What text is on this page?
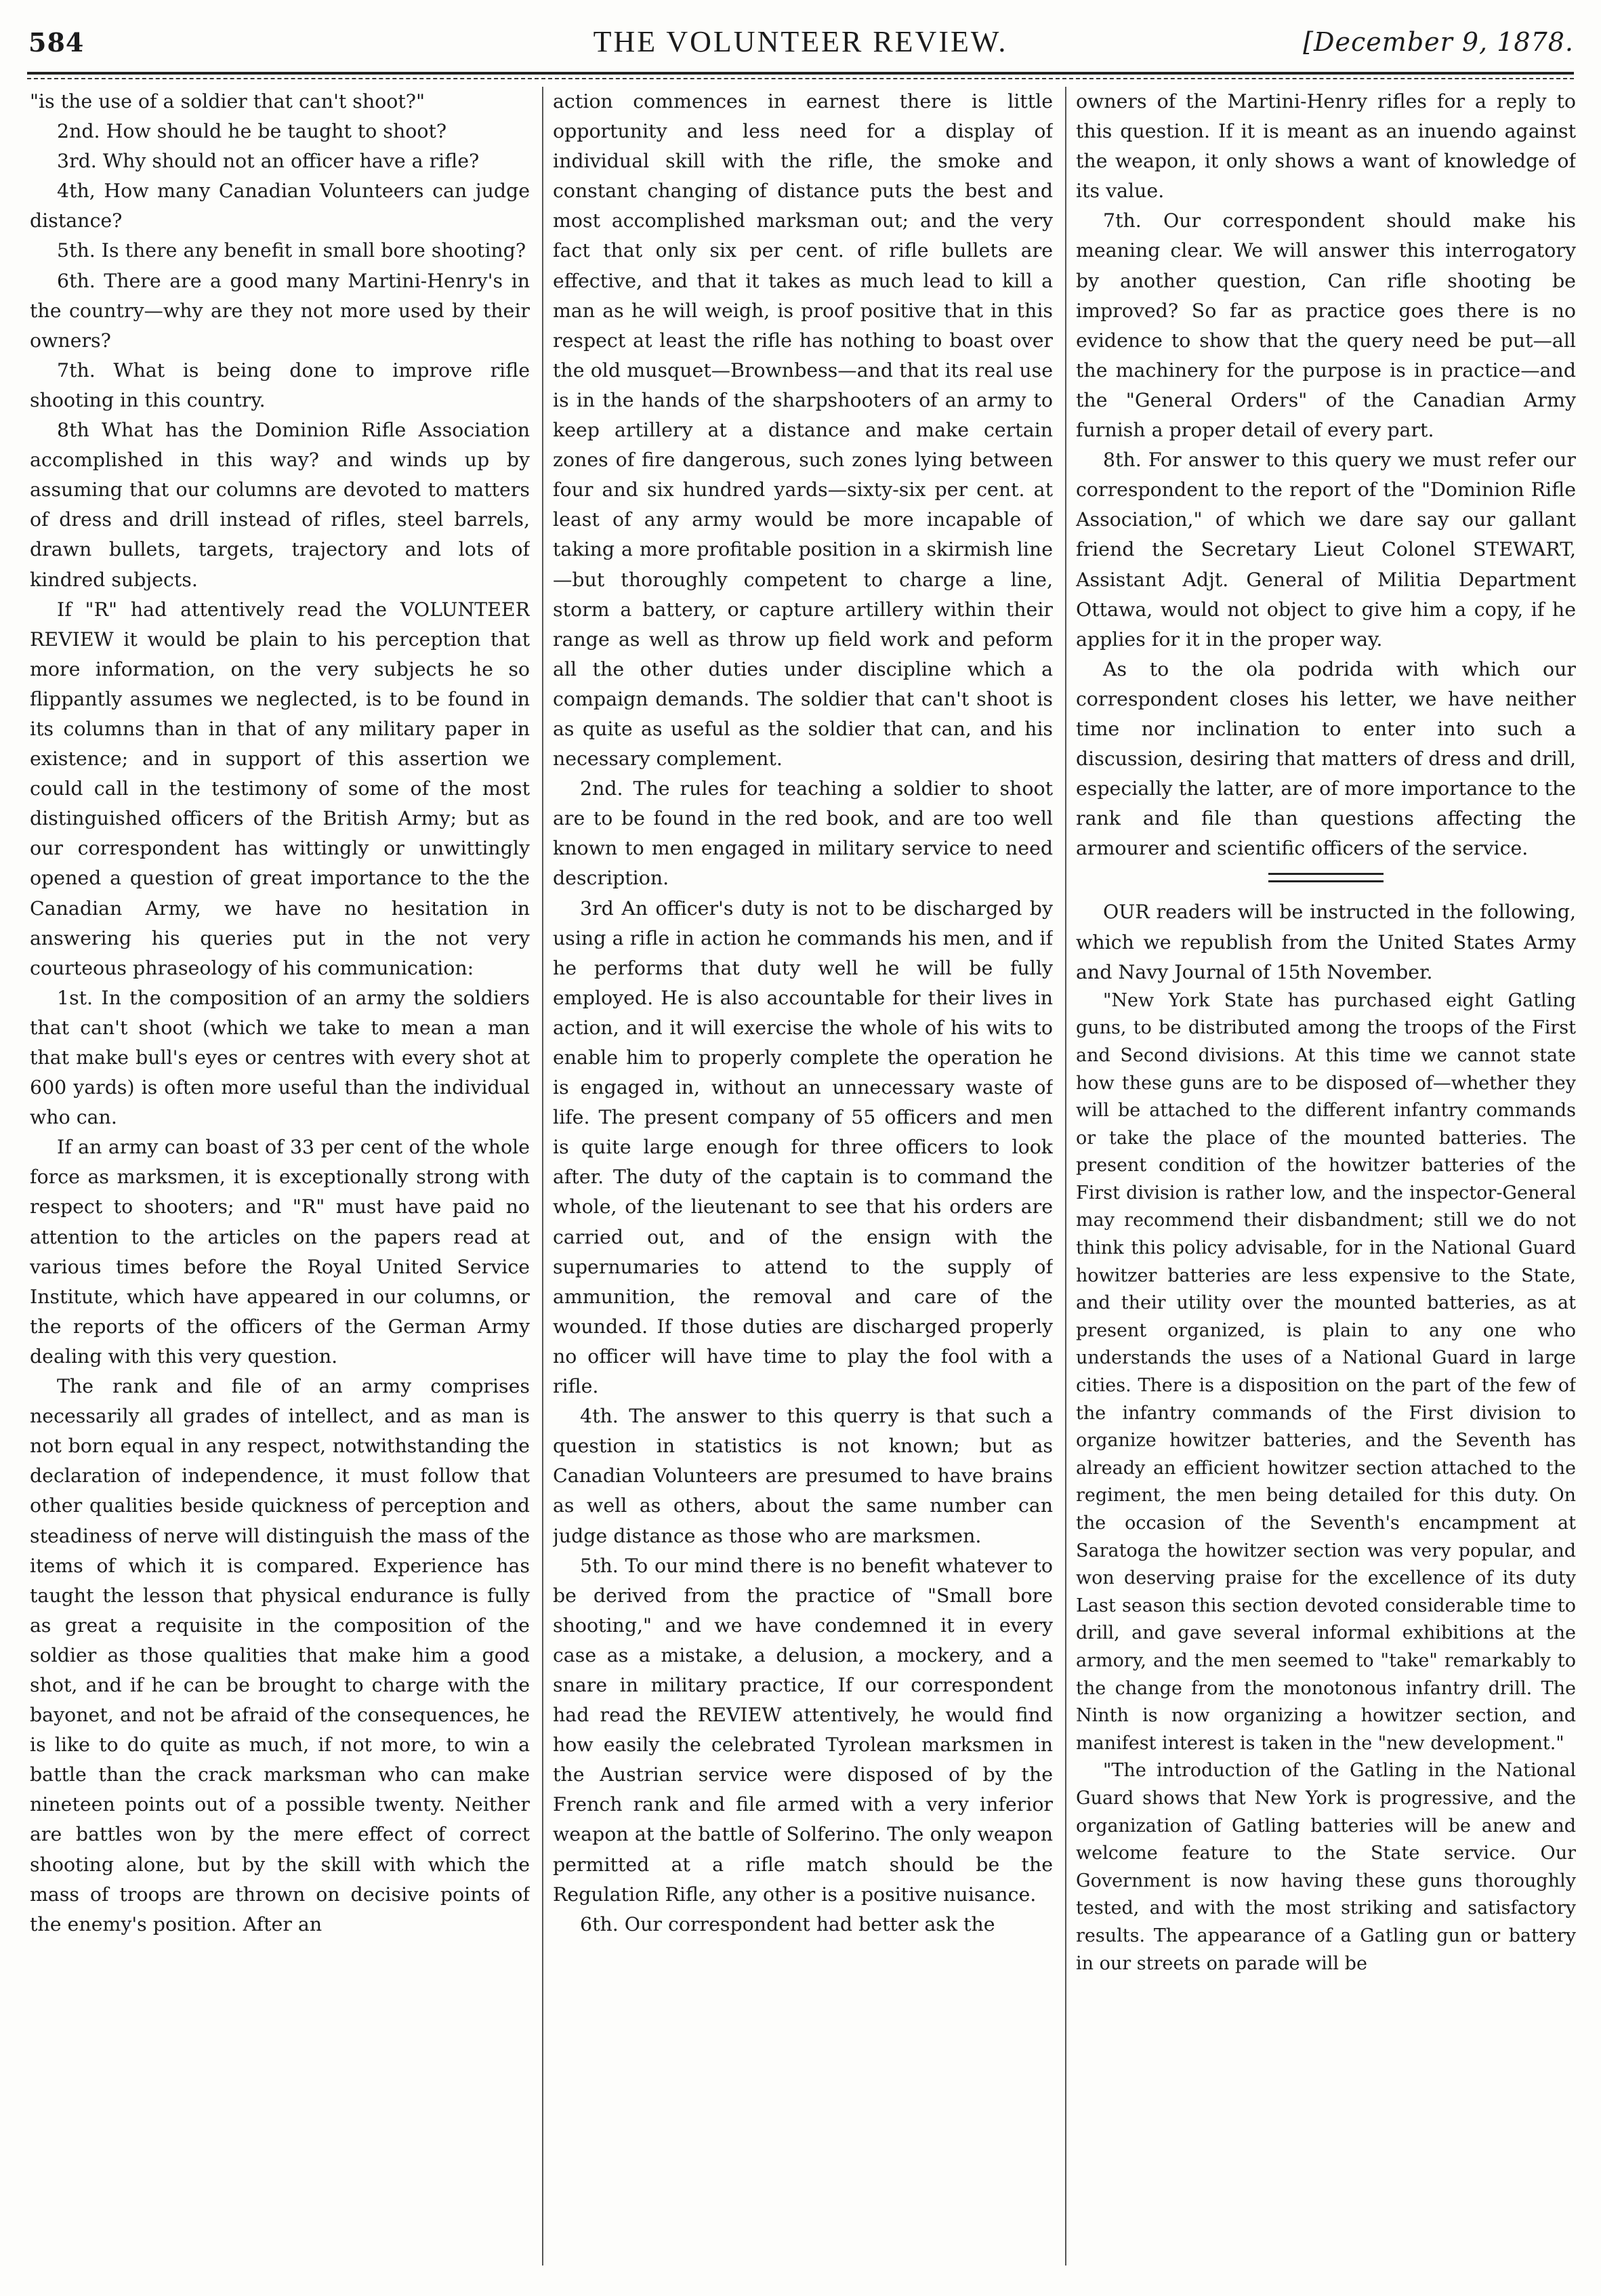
584	THE VOLUNTEER REVIEW.	[December 9, 1878.

"is the use of a soldier that can't shoot?"

2nd. How should he be taught to shoot?

3rd. Why should not an officer have a rifle?

4th, How many Canadian Volunteers can judge distance?

5th. Is there any benefit in small bore shooting?

6th. There are a good many Martini-Henry's in the country—why are they not more used by their owners?

7th. What is being done to improve rifle shooting in this country.

8th What has the Dominion Rifle Association accomplished in this way? and winds up by assuming that our columns are devoted to matters of dress and drill instead of rifles, steel barrels, drawn bullets, targets, trajectory and lots of kindred subjects.

If "R" had attentively read the VOLUNTEER REVIEW it would be plain to his perception that more information, on the very subjects he so flippantly assumes we neglected, is to be found in its columns than in that of any military paper in existence; and in support of this assertion we could call in the testimony of some of the most distinguished officers of the British Army; but as our correspondent has wittingly or unwittingly opened a question of great importance to the the Canadian Army, we have no hesitation in answering his queries put in the not very courteous phraseology of his communication:

1st. In the composition of an army the soldiers that can't shoot (which we take to mean a man that make bull's eyes or centres with every shot at 600 yards) is often more useful than the individual who can.

If an army can boast of 33 per cent of the whole force as marksmen, it is exceptionally strong with respect to shooters; and "R" must have paid no attention to the articles on the papers read at various times before the Royal United Service Institute, which have appeared in our columns, or the reports of the officers of the German Army dealing with this very question.

The rank and file of an army comprises necessarily all grades of intellect, and as man is not born equal in any respect, notwithstanding the declaration of independence, it must follow that other qualities beside quickness of perception and steadiness of nerve will distinguish the mass of the items of which it is compared. Experience has taught the lesson that physical endurance is fully as great a requisite in the composition of the soldier as those qualities that make him a good shot, and if he can be brought to charge with the bayonet, and not be afraid of the consequences, he is like to do quite as much, if not more, to win a battle than the crack marksman who can make nineteen points out of a possible twenty. Neither are battles won by the mere effect of correct shooting alone, but by the skill with which the mass of troops are thrown on decisive points of the enemy's position. After an

action commences in earnest there is little opportunity and less need for a display of individual skill with the rifle, the smoke and constant changing of distance puts the best and most accomplished marksman out; and the very fact that only six per cent. of rifle bullets are effective, and that it takes as much lead to kill a man as he will weigh, is proof positive that in this respect at least the rifle has nothing to boast over the old musquet—Brownbess—and that its real use is in the hands of the sharpshooters of an army to keep artillery at a distance and make certain zones of fire dangerous, such zones lying between four and six hundred yards—sixty-six per cent. at least of any army would be more incapable of taking a more profitable position in a skirmish line—but thoroughly competent to charge a line, storm a battery, or capture artillery within their range as well as throw up field work and peform all the other duties under discipline which a compaign demands. The soldier that can't shoot is as quite as useful as the soldier that can, and his necessary complement.

2nd. The rules for teaching a soldier to shoot are to be found in the red book, and are too well known to men engaged in military service to need description.

3rd An officer's duty is not to be discharged by using a rifle in action he commands his men, and if he performs that duty well he will be fully employed. He is also accountable for their lives in action, and it will exercise the whole of his wits to enable him to properly complete the operation he is engaged in, without an unnecessary waste of life. The present company of 55 officers and men is quite large enough for three officers to look after. The duty of the captain is to command the whole, of the lieutenant to see that his orders are carried out, and of the ensign with the supernumaries to attend to the supply of ammunition, the removal and care of the wounded. If those duties are discharged properly no officer will have time to play the fool with a rifle.

4th. The answer to this querry is that such a question in statistics is not known; but as Canadian Volunteers are presumed to have brains as well as others, about the same number can judge distance as those who are marksmen.

5th. To our mind there is no benefit whatever to be derived from the practice of "Small bore shooting," and we have condemned it in every case as a mistake, a delusion, a mockery, and a snare in military practice, If our correspondent had read the REVIEW attentively, he would find how easily the celebrated Tyrolean marksmen in the Austrian service were disposed of by the French rank and file armed with a very inferior weapon at the battle of Solferino. The only weapon permitted at a rifle match should be the Regulation Rifle, any other is a positive nuisance.

6th. Our correspondent had better ask the

owners of the Martini-Henry rifles for a reply to this question. If it is meant as an inuendo against the weapon, it only shows a want of knowledge of its value.

7th. Our correspondent should make his meaning clear. We will answer this interrogatory by another question, Can rifle shooting be improved? So far as practice goes there is no evidence to show that the query need be put—all the machinery for the purpose is in practice—and the "General Orders" of the Canadian Army furnish a proper detail of every part.

8th. For answer to this query we must refer our correspondent to the report of the "Dominion Rifle Association," of which we dare say our gallant friend the Secretary Lieut Colonel STEWART, Assistant Adjt. General of Militia Department Ottawa, would not object to give him a copy, if he applies for it in the proper way.

As to the ola podrida with which our correspondent closes his letter, we have neither time nor inclination to enter into such a discussion, desiring that matters of dress and drill, especially the latter, are of more importance to the rank and file than questions affecting the armourer and scientific officers of the service.

OUR readers will be instructed in the following, which we republish from the United States Army and Navy Journal of 15th November.

"New York State has purchased eight Gatling guns, to be distributed among the troops of the First and Second divisions. At this time we cannot state how these guns are to be disposed of—whether they will be attached to the different infantry commands or take the place of the mounted batteries. The present condition of the howitzer batteries of the First division is rather low, and the inspector-General may recommend their disbandment; still we do not think this policy advisable, for in the National Guard howitzer batteries are less expensive to the State, and their utility over the mounted batteries, as at present organized, is plain to any one who understands the uses of a National Guard in large cities. There is a disposition on the part of the few of the infantry commands of the First division to organize howitzer batteries, and the Seventh has already an efficient howitzer section attached to the regiment, the men being detailed for this duty. On the occasion of the Seventh's encampment at Saratoga the howitzer section was very popular, and won deserving praise for the excellence of its duty Last season this section devoted considerable time to drill, and gave several informal exhibitions at the armory, and the men seemed to "take" remarkably to the change from the monotonous infantry drill. The Ninth is now organizing a howitzer section, and manifest interest is taken in the "new development."

"The introduction of the Gatling in the National Guard shows that New York is progressive, and the organization of Gatling batteries will be anew and welcome feature to the State service. Our Government is now having these guns thoroughly tested, and with the most striking and satisfactory results. The appearance of a Gatling gun or battery in our streets on parade will be
